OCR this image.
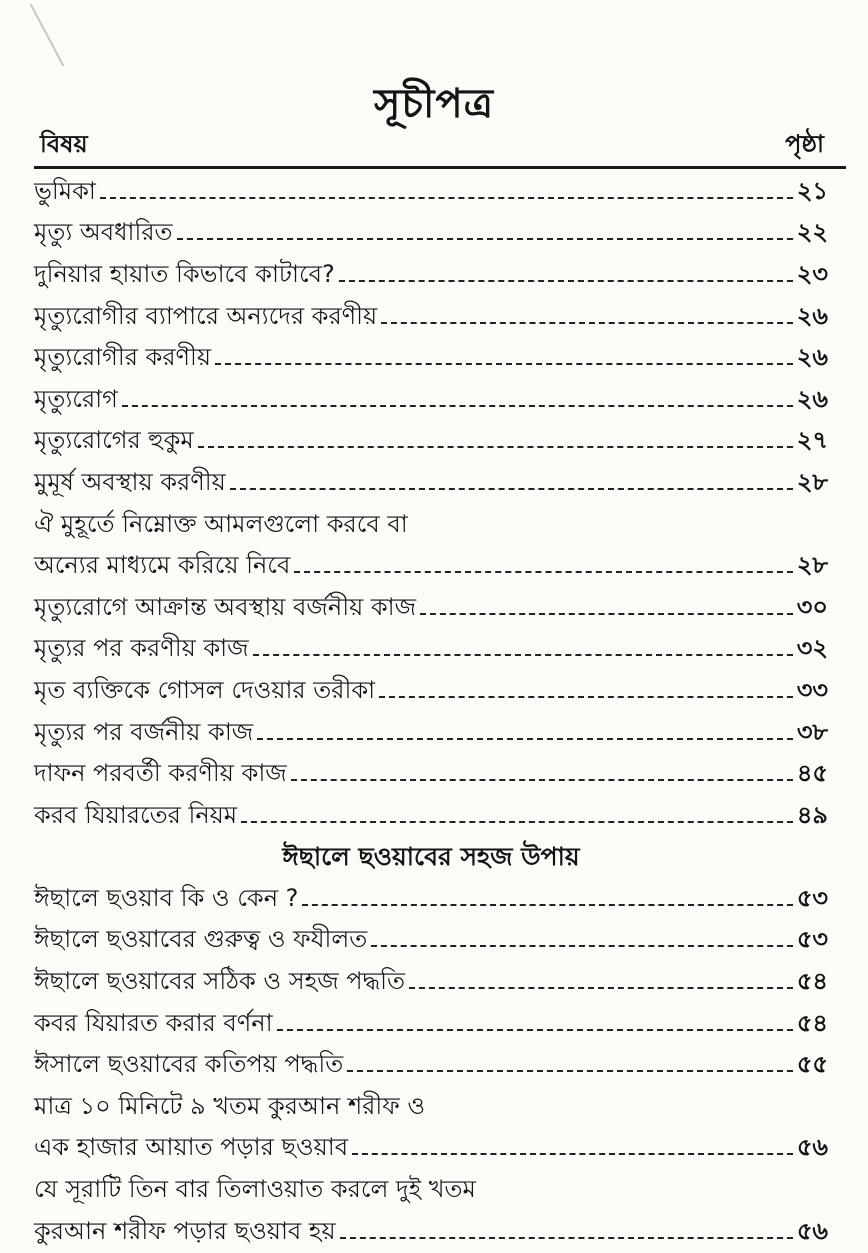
সূচীপত্র
বিষয়	পৃষ্ঠা
ভুমিকা	২১
মৃত্যু অবধারিত	২২
দুনিয়ার হায়াত কিভাবে কাটাবে?	২৩
মৃত্যুরোগীর ব্যাপারে অন্যদের করণীয়	২৬
মৃত্যুরোগীর করণীয়	২৬
মৃত্যুরোগ	২৬
মৃত্যুরোগের হুকুম	২৭
মুমূর্ষ অবস্থায় করণীয়	২৮
ঐ মুহূর্তে নিম্নোক্ত আমলগুলো করবে বা
অন্যের মাধ্যমে করিয়ে নিবে	২৮
মৃত্যুরোগে আক্রান্ত অবস্থায় বর্জনীয় কাজ	৩০
মৃত্যুর পর করণীয় কাজ	৩২
মৃত ব্যক্তিকে গোসল দেওয়ার তরীকা	৩৩
মৃত্যুর পর বর্জনীয় কাজ	৩৮
দাফন পরবর্তী করণীয় কাজ	৪৫
করব যিয়ারতের নিয়ম	৪৯
ঈছালে ছওয়াবের সহজ উপায়
ঈছালে ছওয়াব কি ও কেন ?	৫৩
ঈছালে ছওয়াবের গুরুত্ব ও ফযীলত	৫৩
ঈছালে ছওয়াবের সঠিক ও সহজ পদ্ধতি	৫৪
কবর যিয়ারত করার বর্ণনা	৫৪
ঈসালে ছওয়াবের কতিপয় পদ্ধতি	৫৫
মাত্র ১০ মিনিটে ৯ খতম কুরআন শরীফ ও
এক হাজার আয়াত পড়ার ছওয়াব	৫৬
যে সূরাটি তিন বার তিলাওয়াত করলে দুই খতম
কুরআন শরীফ পড়ার ছওয়াব হয়	৫৬
